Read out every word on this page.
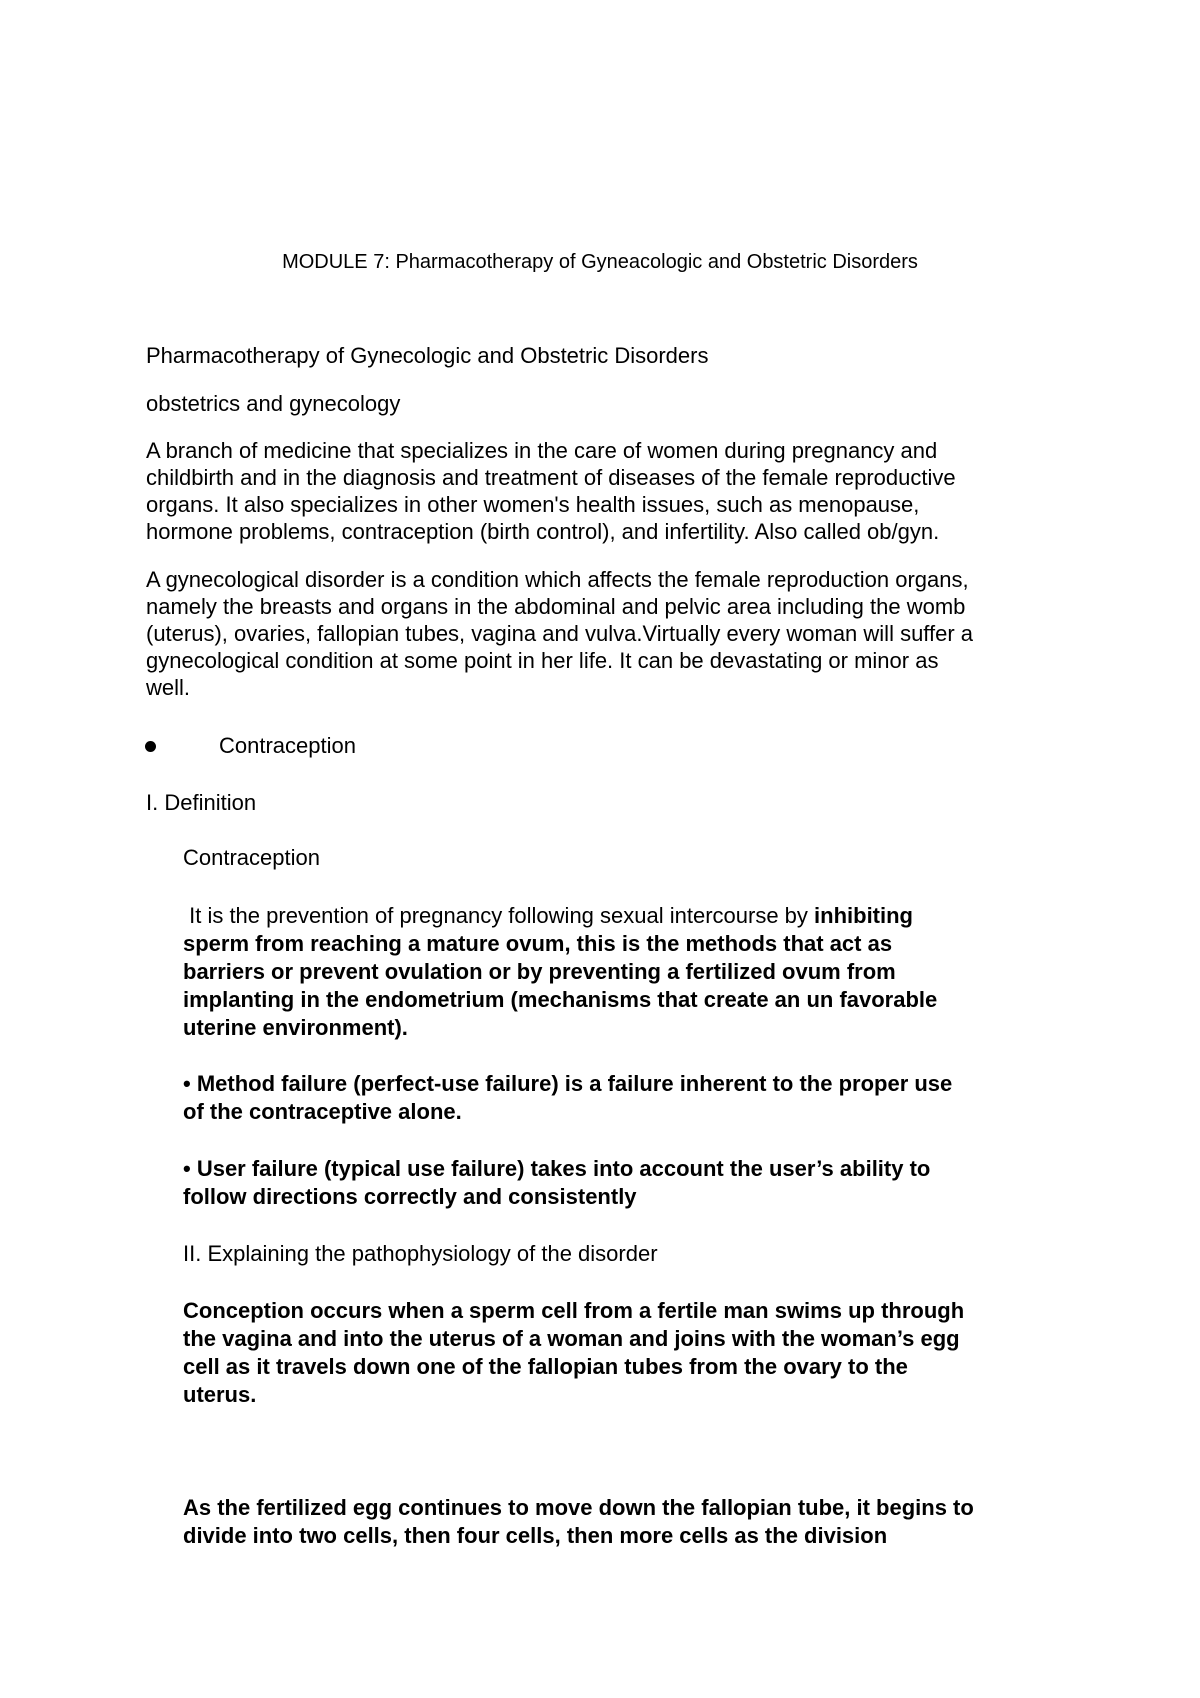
MODULE 7: Pharmacotherapy of Gyneacologic and Obstetric Disorders

Pharmacotherapy of Gynecologic and Obstetric Disorders

obstetrics and gynecology

A branch of medicine that specializes in the care of women during pregnancy and

childbirth and in the diagnosis and treatment of diseases of the female reproductive

organs. It also specializes in other women's health issues, such as menopause,

hormone problems, contraception (birth control), and infertility. Also called ob/gyn.

A gynecological disorder is a condition which affects the female reproduction organs,

namely the breasts and organs in the abdominal and pelvic area including the womb

(uterus), ovaries, fallopian tubes, vagina and vulva.Virtually every woman will suffer a

gynecological condition at some point in her life. It can be devastating or minor as

well.

Contraception

I. Definition

Contraception

It is the prevention of pregnancy following sexual intercourse by inhibiting

sperm from reaching a mature ovum, this is the methods that act as

barriers or prevent ovulation or by preventing a fertilized ovum from

implanting in the endometrium (mechanisms that create an un favorable

uterine environment).

• Method failure (perfect-use failure) is a failure inherent to the proper use

of the contraceptive alone.

• User failure (typical use failure) takes into account the user’s ability to

follow directions correctly and consistently

II. Explaining the pathophysiology of the disorder

Conception occurs when a sperm cell from a fertile man swims up through

the vagina and into the uterus of a woman and joins with the woman’s egg

cell as it travels down one of the fallopian tubes from the ovary to the

uterus.

As the fertilized egg continues to move down the fallopian tube, it begins to

divide into two cells, then four cells, then more cells as the division
